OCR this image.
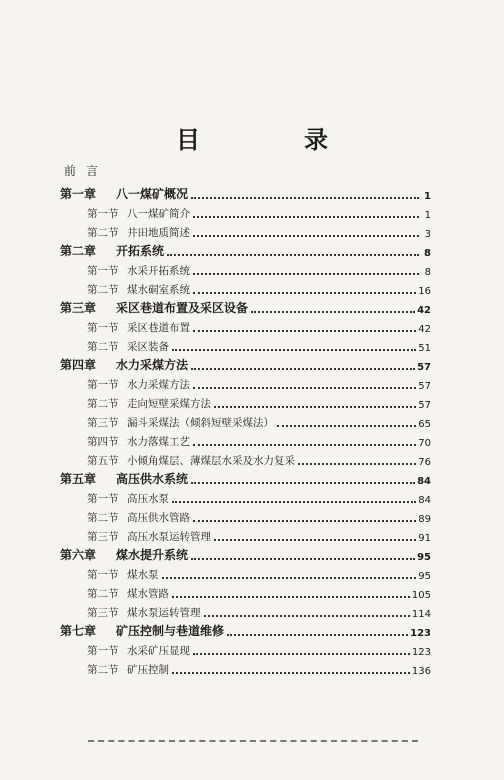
目　录
前言
第一章	八一煤矿概况	1
第一节 八一煤矿简介	1
第二节 井田地质简述	3
第二章	开拓系统	8
第一节 水采开拓系统	8
第二节 煤水硐室系统	16
第三章	采区巷道布置及采区设备	42
第一节 采区巷道布置	42
第二节 采区装备	51
第四章	水力采煤方法	57
第一节 水力采煤方法	57
第二节 走向短壁采煤方法	57
第三节 漏斗采煤法（倾斜短壁采煤法）	65
第四节 水力落煤工艺	70
第五节 小倾角煤层、薄煤层水采及水力复采	76
第五章	高压供水系统	84
第一节 高压水泵	84
第二节 高压供水管路	89
第三节 高压水泵运转管理	91
第六章	煤水提升系统	95
第一节 煤水泵	95
第二节 煤水管路	105
第三节 煤水泵运转管理	114
第七章	矿压控制与巷道维修	123
第一节 水采矿压显现	123
第二节 矿压控制	136
